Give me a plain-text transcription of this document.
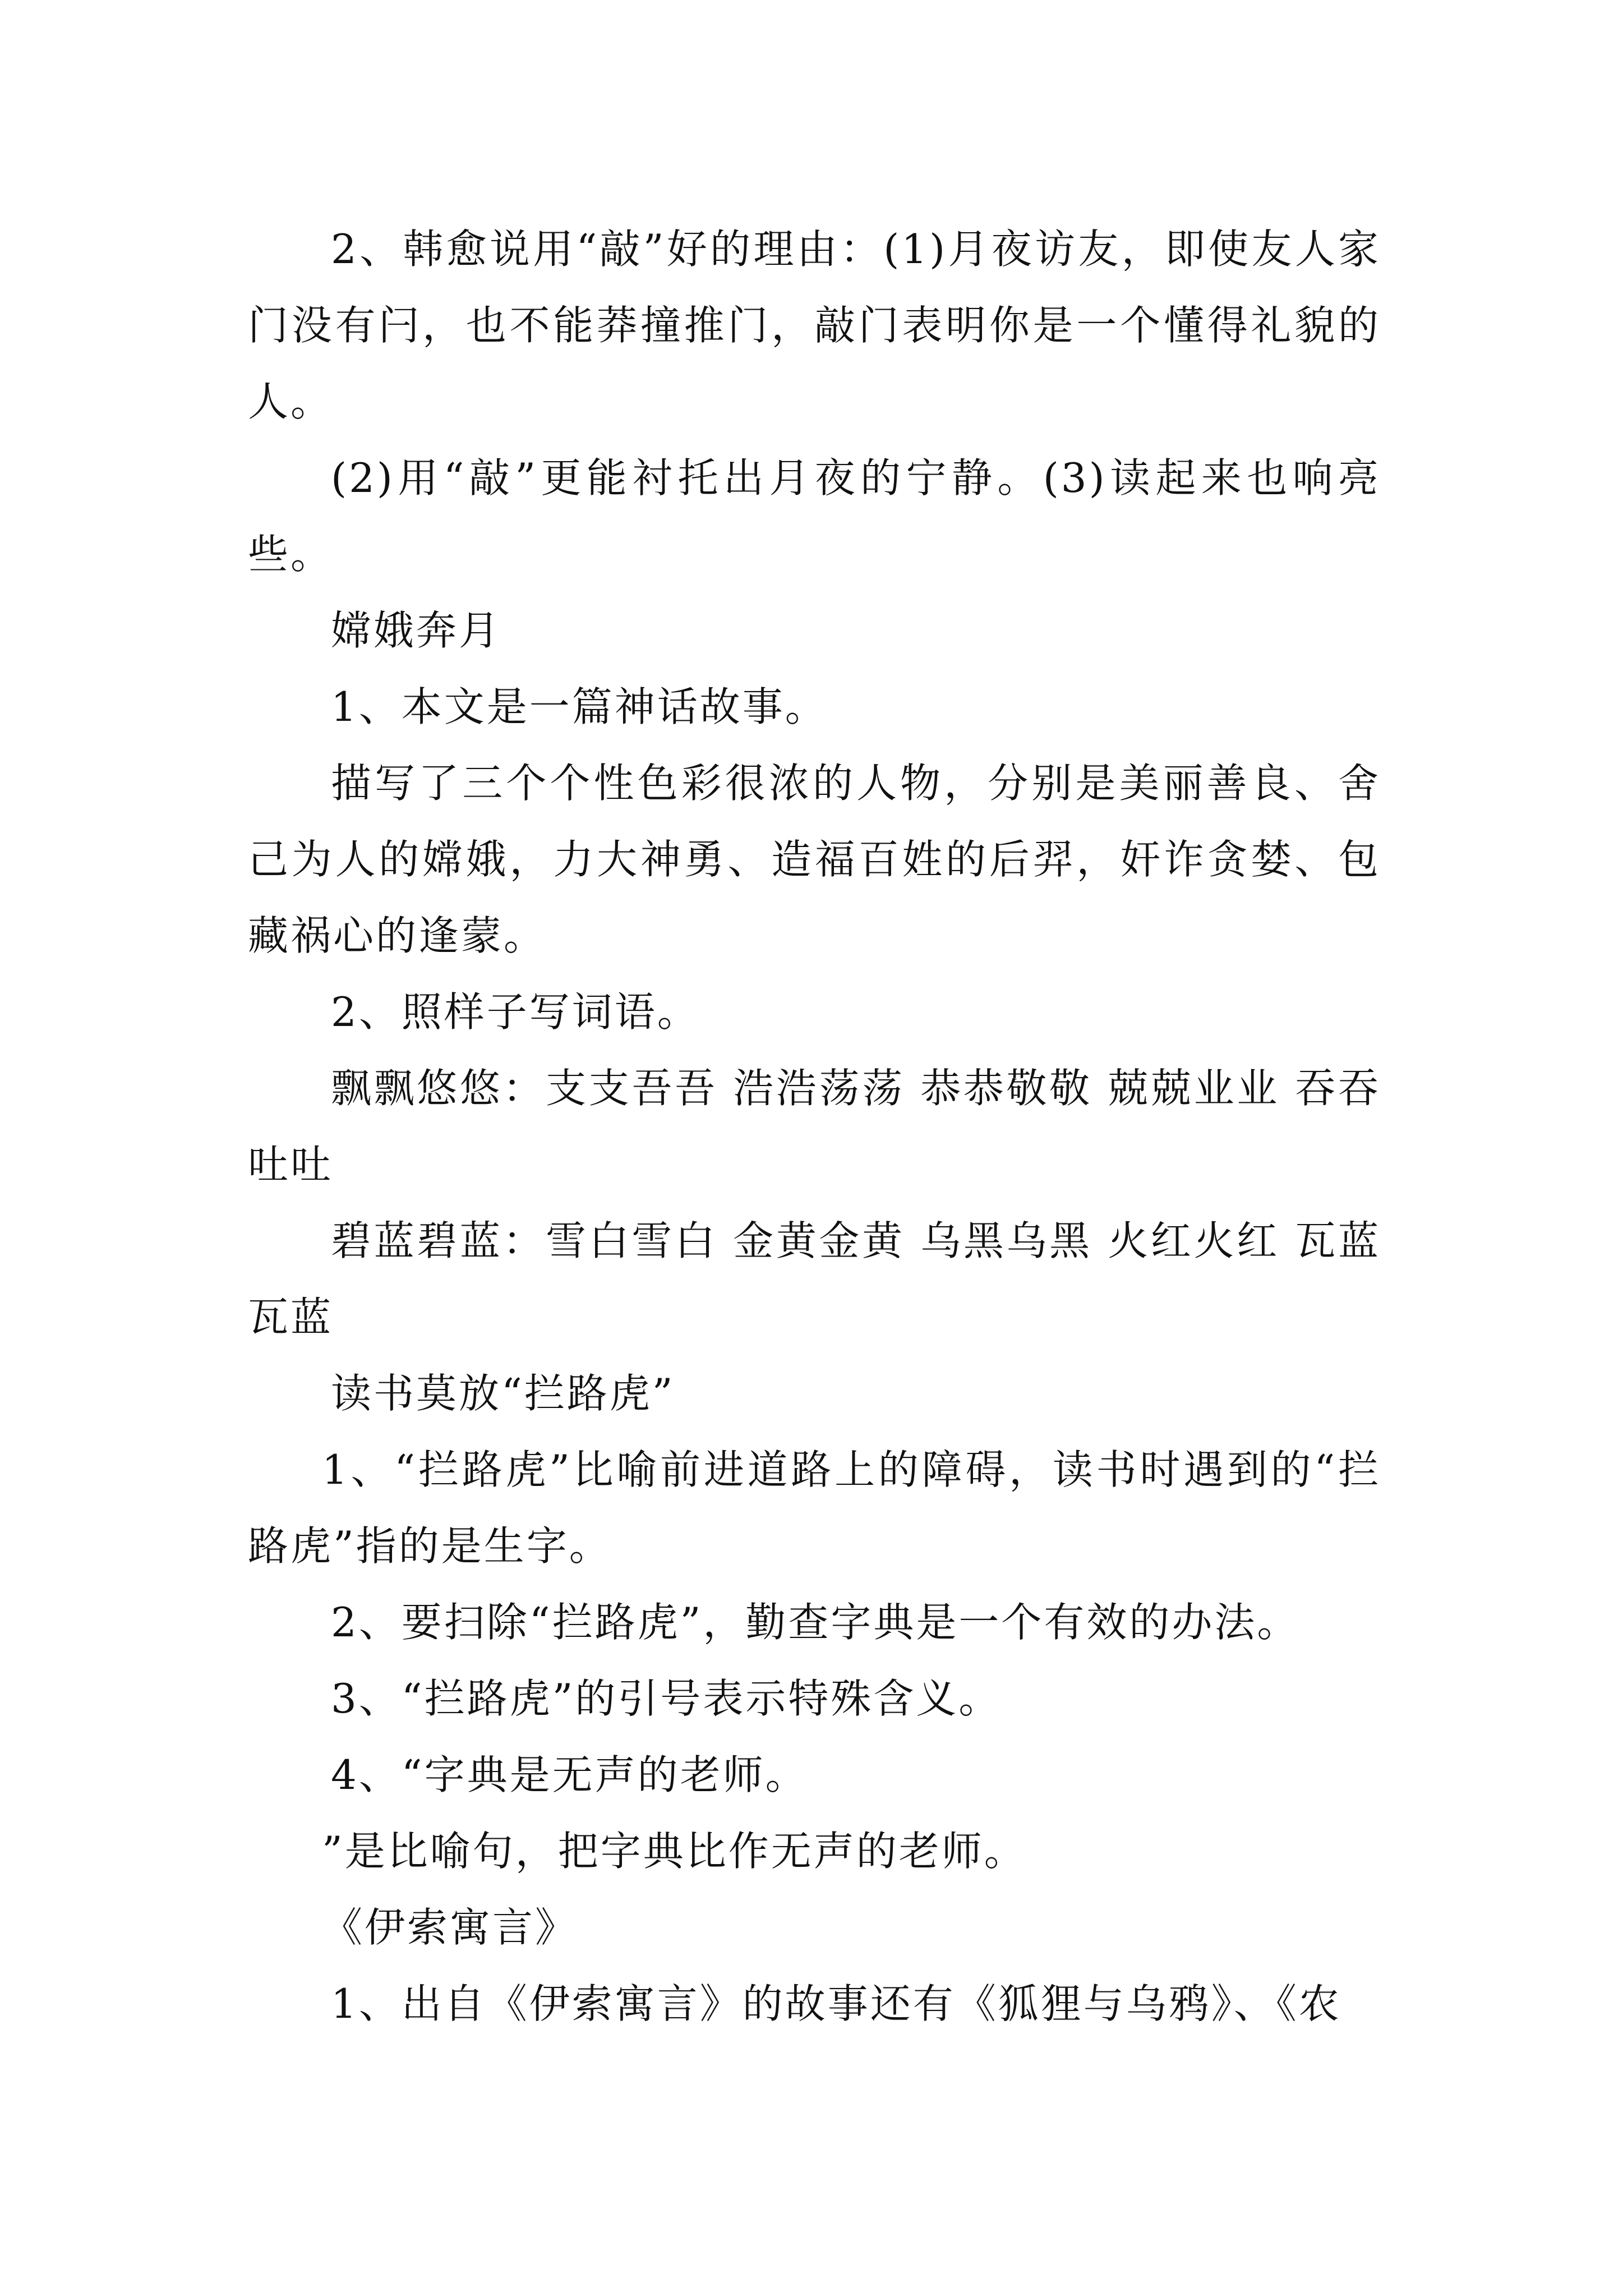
2、韩愈说用“敲”好的理由：(1)月夜访友，即使友人家门没有闩，也不能莽撞推门，敲门表明你是一个懂得礼貌的人。

(2)用“敲”更能衬托出月夜的宁静。(3)读起来也响亮些。

嫦娥奔月

1、本文是一篇神话故事。

描写了三个个性色彩很浓的人物，分别是美丽善良、舍己为人的嫦娥，力大神勇、造福百姓的后羿，奸诈贪婪、包藏祸心的逢蒙。

2、照样子写词语。

飘飘悠悠：支支吾吾 浩浩荡荡 恭恭敬敬 兢兢业业 吞吞吐吐

碧蓝碧蓝：雪白雪白 金黄金黄 乌黑乌黑 火红火红 瓦蓝瓦蓝

读书莫放“拦路虎”

1、“拦路虎”比喻前进道路上的障碍，读书时遇到的“拦路虎”指的是生字。

2、要扫除“拦路虎”，勤查字典是一个有效的办法。

3、“拦路虎”的引号表示特殊含义。

4、“字典是无声的老师。

”是比喻句，把字典比作无声的老师。

《伊索寓言》

1、出自《伊索寓言》的故事还有《狐狸与乌鸦》、《农
